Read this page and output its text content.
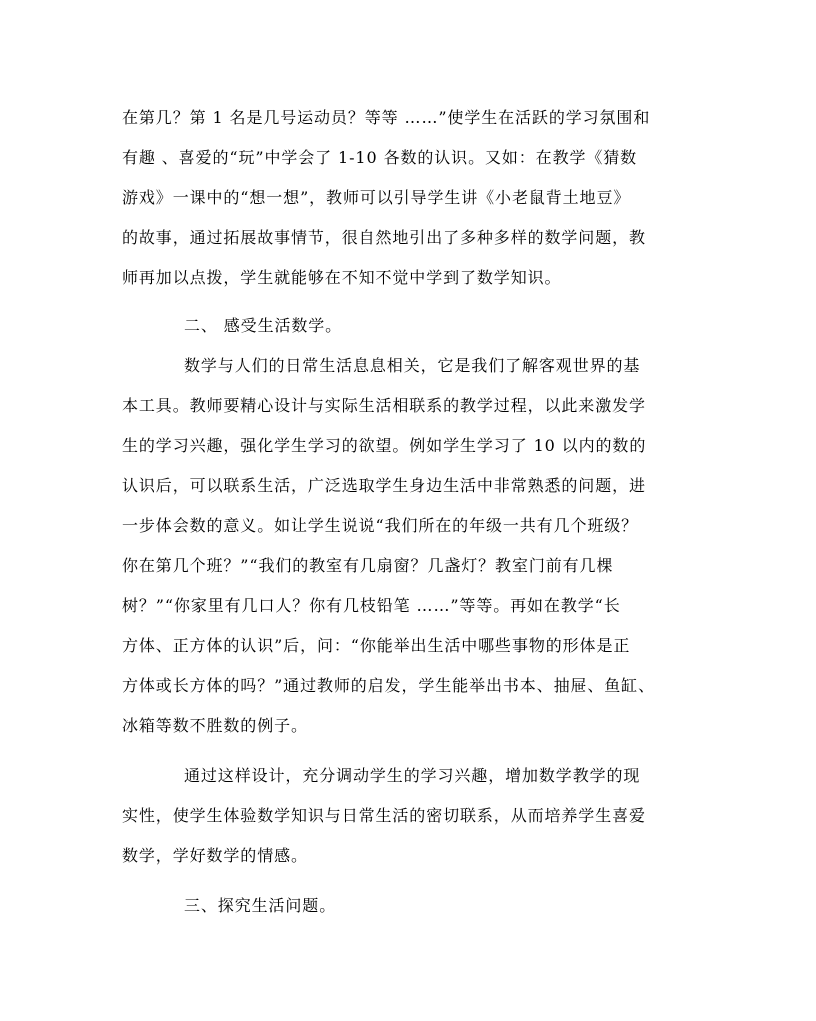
在第几？第 1 名是几号运动员？等等 ……”使学生在活跃的学习氛围和
有趣 、喜爱的“玩”中学会了 1-10 各数的认识。又如：在教学《猜数
游戏》一课中的“想一想”，教师可以引导学生讲《小老鼠背土地豆》
的故事，通过拓展故事情节，很自然地引出了多种多样的数学问题，教
师再加以点拨，学生就能够在不知不觉中学到了数学知识。
二、 感受生活数学。
数学与人们的日常生活息息相关，它是我们了解客观世界的基
本工具。教师要精心设计与实际生活相联系的教学过程，以此来激发学
生的学习兴趣，强化学生学习的欲望。例如学生学习了 10 以内的数的
认识后，可以联系生活，广泛选取学生身边生活中非常熟悉的问题，进
一步体会数的意义。如让学生说说“我们所在的年级一共有几个班级？
你在第几个班？”“我们的教室有几扇窗？几盏灯？教室门前有几棵
树？”“你家里有几口人？你有几枝铅笔 ……”等等。再如在教学“长
方体、正方体的认识”后，问：“你能举出生活中哪些事物的形体是正
方体或长方体的吗？”通过教师的启发，学生能举出书本、抽屉、鱼缸、
冰箱等数不胜数的例子。
通过这样设计，充分调动学生的学习兴趣，增加数学教学的现
实性，使学生体验数学知识与日常生活的密切联系，从而培养学生喜爱
数学，学好数学的情感。
三、探究生活问题。
